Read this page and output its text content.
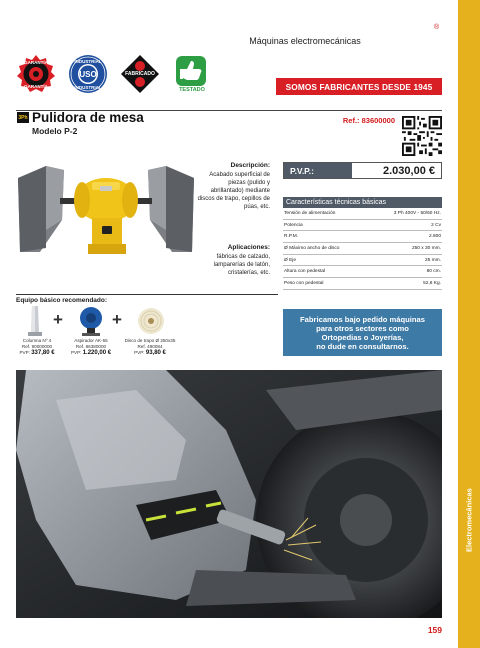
Electromecánicas
Máquinas electromecánicas
®
GARANTÍA
GARANTÍA
INDUSTRIAL
USO
INDUSTRIAL
FABRICADO
TESTADO	SOMOS FABRICANTES DESDE 1945
3Ph Pulidora de mesa
Modelo P-2
Ref.: 83600000
Descripción:
Acabado superficial de piezas (pulido y abrillantado) mediante discos de trapo, cepillos de púas, etc.
Aplicaciones:
fábricas de calzado, lamparerías de latón, cristalerías, etc.
P.V.P.:	2.030,00 €
Características técnicas básicas
Tensión de alimentación	3 Ph 400V - 50/60 Hz.
Potencia	2 Cv
R.P.M.	2.800
Ø Máximo ancho de disco	250 x 30 mm.
Ø Eje	25 mm.
Altura con pedestal	80 cm.
Peso con pedestal	52,6 Kg.
Equipo básico recomendado:
+	+
Columna Nº 4
Ref. 90000000
PVP: 337,80 €
Aspirador AK-55
Ref. 86380000
PVP: 1.220,00 €
Disco de trapo Ø 250x35
Ref. 490084
PVP: 93,80 €
Fabricamos bajo pedido máquinas
para otros sectores como
Ortopedias o Joyerías,
no dude en consultarnos.
159
